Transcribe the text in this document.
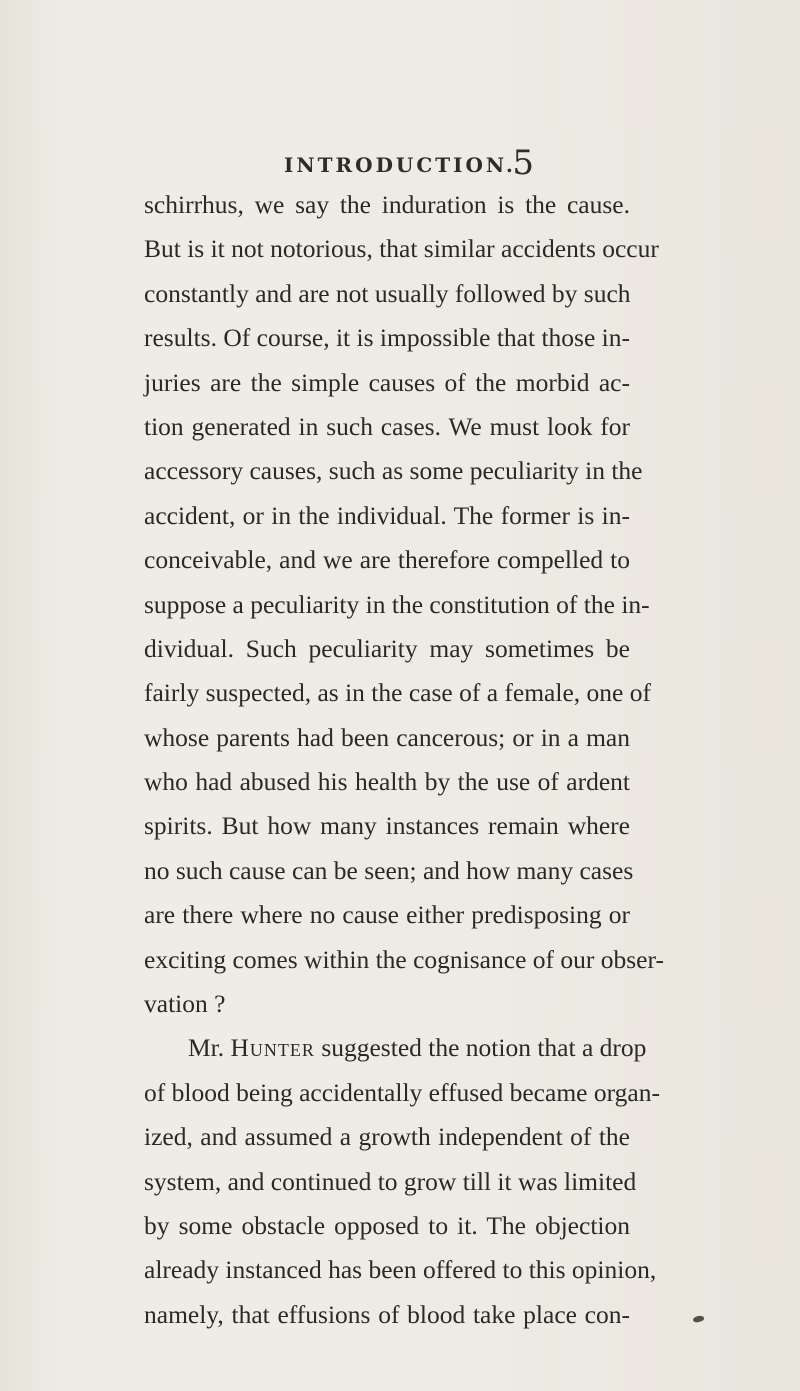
INTRODUCTION.
5
schirrhus, we say the induration is the cause.
But is it not notorious, that similar accidents occur
constantly and are not usually followed by such
results. Of course, it is impossible that those in-
juries are the simple causes of the morbid ac-
tion generated in such cases. We must look for
accessory causes, such as some peculiarity in the
accident, or in the individual. The former is in-
conceivable, and we are therefore compelled to
suppose a peculiarity in the constitution of the in-
dividual. Such peculiarity may sometimes be
fairly suspected, as in the case of a female, one of
whose parents had been cancerous; or in a man
who had abused his health by the use of ardent
spirits. But how many instances remain where
no such cause can be seen; and how many cases
are there where no cause either predisposing or
exciting comes within the cognisance of our obser-
vation ?
Mr. Hunter suggested the notion that a drop
of blood being accidentally effused became organ-
ized, and assumed a growth independent of the
system, and continued to grow till it was limited
by some obstacle opposed to it. The objection
already instanced has been offered to this opinion,
namely, that effusions of blood take place con-
